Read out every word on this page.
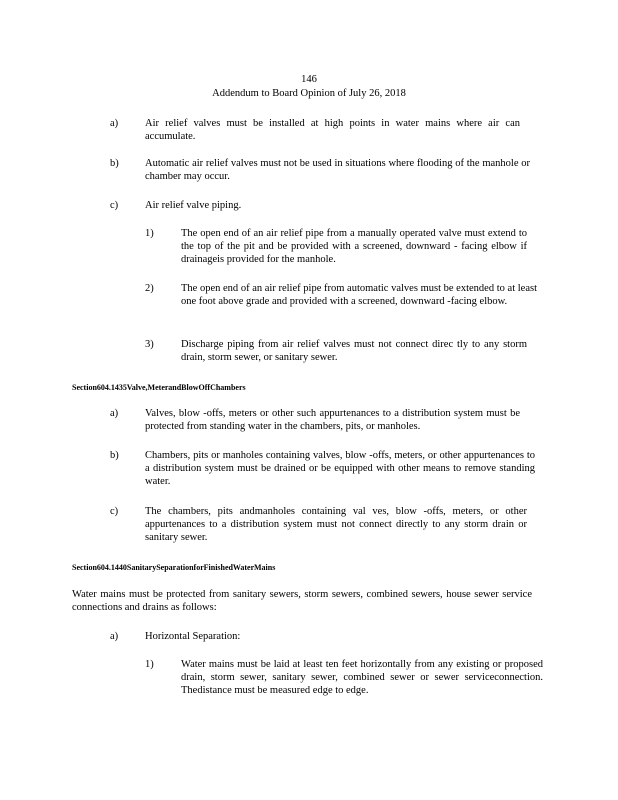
146
Addendum to Board Opinion of July 26, 2018
a)	Air relief valves must be installed at high points in water mains where air can accumulate.
b)	Automatic air relief valves must not be used in situations where flooding of the manhole or chamber may occur.
c)	Air relief valve piping.
1)	The open end of an air relief pipe from a manually operated valve must extend to the top of the pit and be provided with a screened, downward - facing elbow if drainageis provided for the manhole.
2)	The open end of an air relief pipe from automatic valves must be extended to at least one foot above grade and provided with a screened, downward -facing elbow.
3)	Discharge piping from air relief valves must not connect direc tly to any storm drain, storm sewer, or sanitary sewer.
Section 604.1435 Valve, Meter and Blow Off Chambers
a)	Valves, blow -offs, meters or other such appurtenances to a distribution system must be protected from standing water in the chambers, pits, or manholes.
b)	Chambers, pits or manholes containing valves, blow -offs, meters, or other appurtenances to a distribution system must be drained or be equipped with other means to remove standing water.
c)	The chambers, pits andmanholes containing val ves, blow -offs, meters, or other appurtenances to a distribution system must not connect directly to any storm drain or sanitary sewer.
Section 604.1440 Sanitary Separation for Finished Water Mains
Water mains must be protected from sanitary sewers, storm sewers, combined sewers, house sewer service connections and drains as follows:
a)	Horizontal Separation:
1)	Water mains must be laid at least ten feet horizontally from any existing or proposed drain, storm sewer, sanitary sewer, combined sewer or sewer serviceconnection. Thedistance must be measured edge to edge.
